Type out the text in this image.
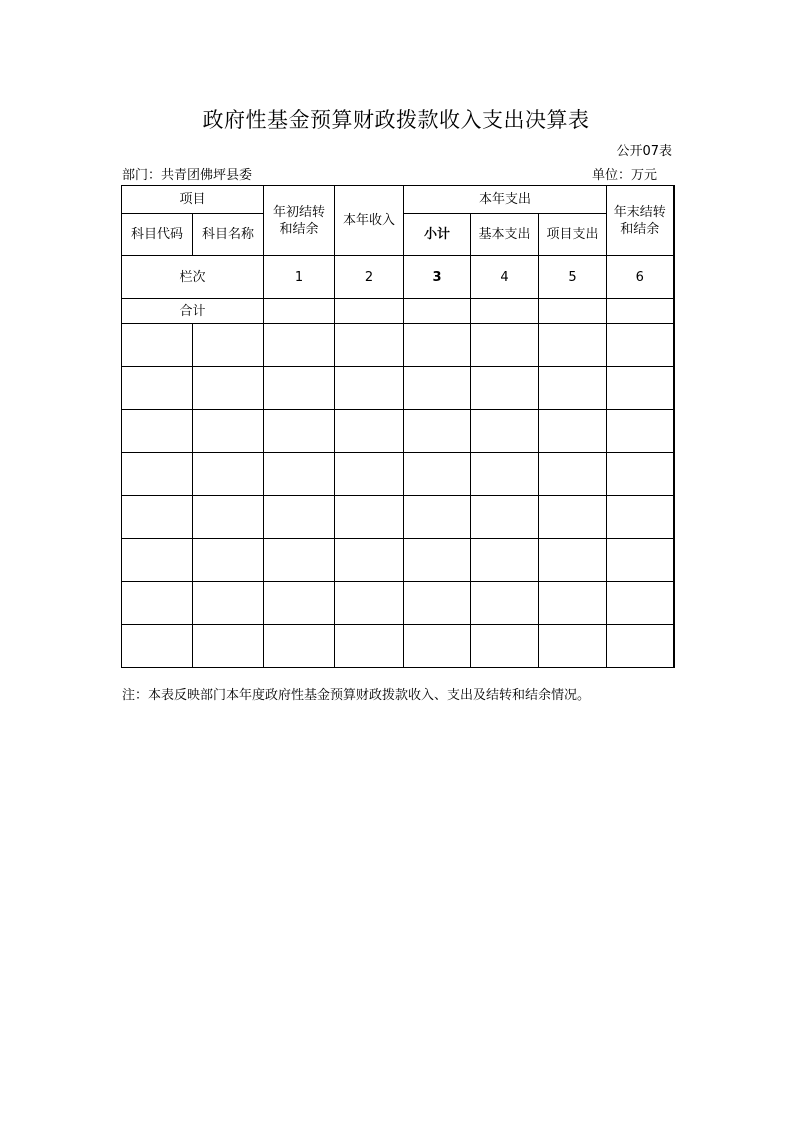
政府性基金预算财政拨款收入支出决算表
公开07表
部门：共青团佛坪县委	单位：万元
项目		年初结转和结余	本年收入	本年支出			年末结转和结余

科目代码	科目名称			小计	基本支出	项目支出	
栏次		1	2	3	4	5	6
合计							

注：本表反映部门本年度政府性基金预算财政拨款收入、支出及结转和结余情况。
